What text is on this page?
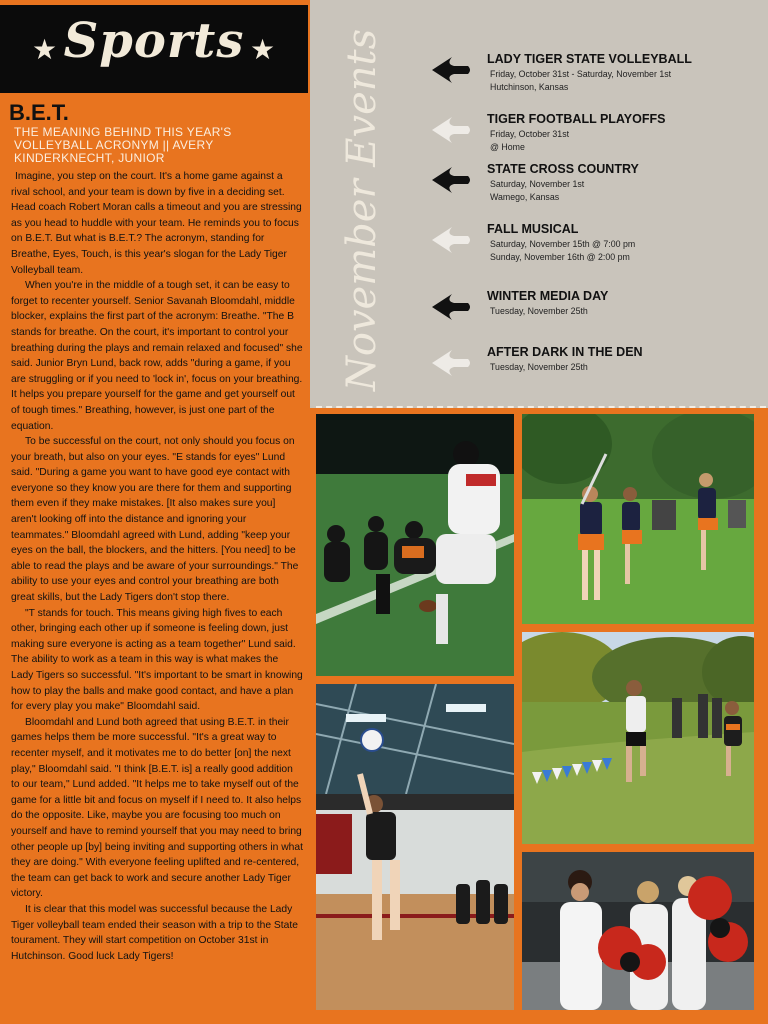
★ Sports ★
B.E.T.
THE MEANING BEHIND THIS YEAR'S VOLLEYBALL ACRONYM || AVERY KINDERKNECHT, JUNIOR

Imagine, you step on the court. It's a home game against a rival school, and your team is down by five in a deciding set. Head coach Robert Moran calls a timeout and you are stressing as you head to huddle with your team. He reminds you to focus on B.E.T. But what is B.E.T.? The acronym, standing for Breathe, Eyes, Touch, is this year's slogan for the Lady Tiger Volleyball team.

When you're in the middle of a tough set, it can be easy to forget to recenter yourself. Senior Savanah Bloomdahl, middle blocker, explains the first part of the acronym: Breathe. "The B stands for breathe. On the court, it's important to control your breathing during the plays and remain relaxed and focused" she said. Junior Bryn Lund, back row, adds "during a game, if you are struggling or if you need to 'lock in', focus on your breathing. It helps you prepare yourself for the game and get yourself out of tough times." Breathing, however, is just one part of the equation.

To be successful on the court, not only should you focus on your breath, but also on your eyes. "E stands for eyes" Lund said. "During a game you want to have good eye contact with everyone so they know you are there for them and supporting them even if they make mistakes. [It also makes sure you] aren't looking off into the distance and ignoring your teammates." Bloomdahl agreed with Lund, adding "keep your eyes on the ball, the blockers, and the hitters. [You need] to be able to read the plays and be aware of your surroundings." The ability to use your eyes and control your breathing are both great skills, but the Lady Tigers don't stop there.

"T stands for touch. This means giving high fives to each other, bringing each other up if someone is feeling down, just making sure everyone is acting as a team together" Lund said. The ability to work as a team in this way is what makes the Lady Tigers so successful. "It's important to be smart in knowing how to play the balls and make good contact, and have a plan for every play you make" Bloomdahl said.

Bloomdahl and Lund both agreed that using B.E.T. in their games helps them be more successful. "It's a great way to recenter myself, and it motivates me to do better [on] the next play," Bloomdahl said. "I think [B.E.T. is] a really good addition to our team," Lund added. "It helps me to take myself out of the game for a little bit and focus on myself if I need to. It also helps do the opposite. Like, maybe you are focusing too much on yourself and have to remind yourself that you may need to bring other people up [by] being inviting and supporting others in what they are doing." With everyone feeling uplifted and re-centered, the team can get back to work and secure another Lady Tiger victory.

It is clear that this model was successful because the Lady Tiger volleyball team ended their season with a trip to the State tourament. They will start competition on October 31st in Hutchinson. Good luck Lady Tigers!

November Events	LADY TIGER STATE VOLLEYBALL
Friday, October 31st - Saturday, November 1st
Hutchinson, Kansas
TIGER FOOTBALL PLAYOFFS
Friday, October 31st
@ Home
STATE CROSS COUNTRY
Saturday, November 1st
Wamego, Kansas
FALL MUSICAL
Saturday, November 15th @ 7:00 pm
Sunday, November 16th @ 2:00 pm
WINTER MEDIA DAY
Tuesday, November 25th
AFTER DARK IN THE DEN
Tuesday, November 25th
